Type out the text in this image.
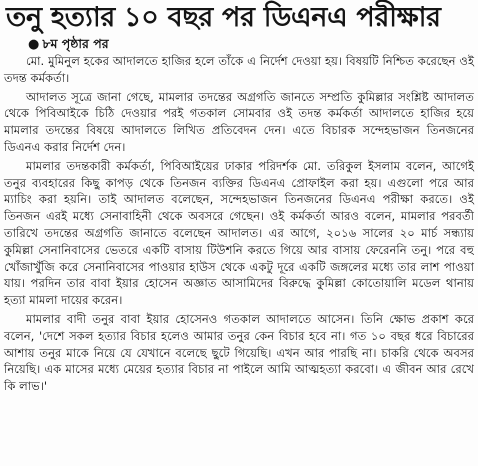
তনু হত্যার ১০ বছর পর ডিএনএ পরীক্ষার
● ৮ম পৃষ্ঠার পর

মো. মুমিনুল হকের আদালতে হাজির হলে তাঁকে এ নির্দেশ দেওয়া হয়। বিষয়টি নিশ্চিত করেছেন ওই তদন্ত কর্মকর্তা।

আদালত সূত্রে জানা গেছে, মামলার তদন্তের অগ্রগতি জানতে সম্প্রতি কুমিল্লার সংশ্লিষ্ট আদালত থেকে পিবিআইকে চিঠি দেওয়ার পরই গতকাল সোমবার ওই তদন্ত কর্মকর্তা আদালতে হাজির হয়ে মামলার তদন্তের বিষয়ে আদালতে লিখিত প্রতিবেদন দেন। এতে বিচারক সন্দেহভাজন তিনজনের ডিএনএ করার নির্দেশ দেন।

মামলার তদন্তকারী কর্মকর্তা, পিবিআইয়ের ঢাকার পরিদর্শক মো. তরিকুল ইসলাম বলেন, আগেই তনুর ব্যবহারের কিছু কাপড় থেকে তিনজন ব্যক্তির ডিএনএ প্রোফাইল করা হয়। এগুলো পরে আর ম্যাচিং করা হয়নি। তাই আদালত বলেছেন, সন্দেহভাজন তিনজনের ডিএনএ পরীক্ষা করতে। ওই তিনজন এরই মধ্যে সেনাবাহিনী থেকে অবসরে গেছেন। ওই কর্মকর্তা আরও বলেন, মামলার পরবর্তী তারিখে তদন্তের অগ্রগতি জানাতে বলেছেন আদালত। এর আগে, ২০১৬ সালের ২০ মার্চ সন্ধ্যায় কুমিল্লা সেনানিবাসের ভেতরে একটি বাসায় টিউশনি করতে গিয়ে আর বাসায় ফেরেননি তনু। পরে বহু খোঁজাখুঁজি করে সেনানিবাসের পাওয়ার হাউস থেকে একটু দূরে একটি জঙ্গলের মধ্যে তার লাশ পাওয়া যায়। পরদিন তার বাবা ইয়ার হোসেন অজ্ঞাত আসামিদের বিরুদ্ধে কুমিল্লা কোতোয়ালি মডেল থানায় হত্যা মামলা দায়ের করেন।

মামলার বাদী তনুর বাবা ইয়ার হোসেনও গতকাল আদালতে আসেন। তিনি ক্ষোভ প্রকাশ করে বলেন, 'দেশে সকল হত্যার বিচার হলেও আমার তনুর কেন বিচার হবে না। গত ১০ বছর ধরে বিচারের আশায় তনুর মাকে নিয়ে যে যেখানে বলেছে ছুটে গিয়েছি। এখন আর পারছি না। চাকরি থেকে অবসর নিয়েছি। এক মাসের মধ্যে মেয়ের হত্যার বিচার না পাইলে আমি আত্মহত্যা করবো। এ জীবন আর রেখে কি লাভ।'
